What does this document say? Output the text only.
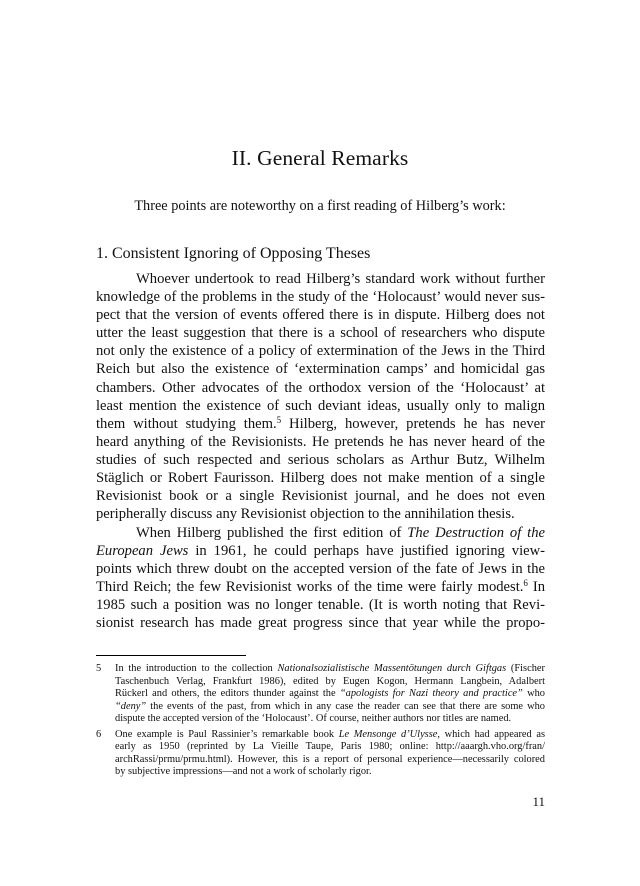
II. General Remarks
Three points are noteworthy on a first reading of Hilberg’s work:
1. Consistent Ignoring of Opposing Theses
Whoever undertook to read Hilberg’s standard work without further
knowledge of the problems in the study of the ‘Holocaust’ would never sus-
pect that the version of events offered there is in dispute. Hilberg does not
utter the least suggestion that there is a school of researchers who dispute
not only the existence of a policy of extermination of the Jews in the Third
Reich but also the existence of ‘extermination camps’ and homicidal gas
chambers. Other advocates of the orthodox version of the ‘Holocaust’ at
least mention the existence of such deviant ideas, usually only to malign
them without studying them.$^5$ Hilberg, however, pretends he has never
heard anything of the Revisionists. He pretends he has never heard of the
studies of such respected and serious scholars as Arthur Butz, Wilhelm
Stäglich or Robert Faurisson. Hilberg does not make mention of a single
Revisionist book or a single Revisionist journal, and he does not even
peripherally discuss any Revisionist objection to the annihilation thesis.
When Hilberg published the first edition of The Destruction of the
European Jews in 1961, he could perhaps have justified ignoring view-
points which threw doubt on the accepted version of the fate of Jews in the
Third Reich; the few Revisionist works of the time were fairly modest.$^6$ In
1985 such a position was no longer tenable. (It is worth noting that Revi-
sionist research has made great progress since that year while the propo-
5 In the introduction to the collection Nationalsozialistische Massentötungen durch Giftgas (Fischer
Taschenbuch Verlag, Frankfurt 1986), edited by Eugen Kogon, Hermann Langbein, Adalbert
Rückerl and others, the editors thunder against the “apologists for Nazi theory and practice” who
“deny” the events of the past, from which in any case the reader can see that there are some who
dispute the accepted version of the ‘Holocaust’. Of course, neither authors nor titles are named.
6 One example is Paul Rassinier’s remarkable book Le Mensonge d’Ulysse, which had appeared as
early as 1950 (reprinted by La Vieille Taupe, Paris 1980; online: http://aaargh.vho.org/fran/
archRassi/prmu/prmu.html). However, this is a report of personal experience—necessarily colored
by subjective impressions—and not a work of scholarly rigor.
11
